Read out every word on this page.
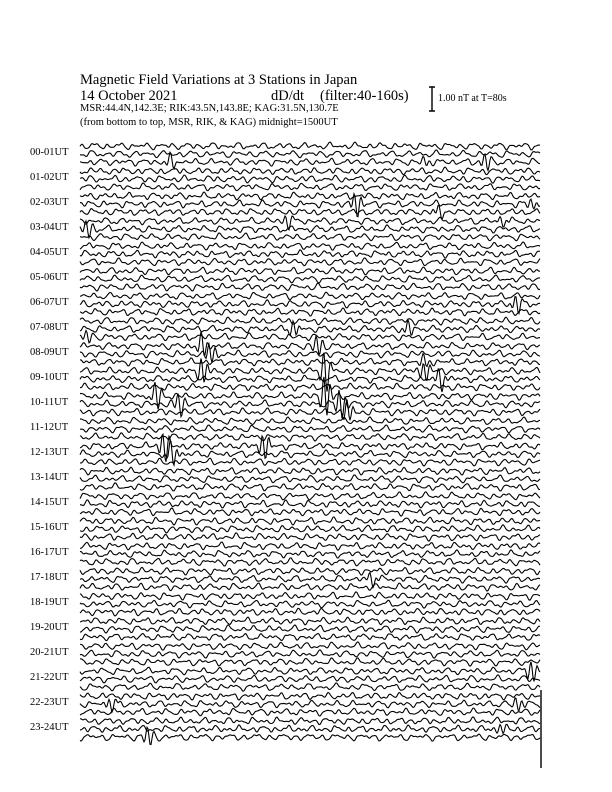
Magnetic Field Variations at 3 Stations in Japan
14 October 2021	dD/dt (filter:40-160s)
MSR:44.4N,142.3E; RIK:43.5N,143.8E; KAG:31.5N,130.7E
(from bottom to top, MSR, RIK, & KAG) midnight=1500UT
1.00 nT at T=80s
00-01UT
01-02UT
02-03UT
03-04UT
04-05UT
05-06UT
06-07UT
07-08UT
08-09UT
09-10UT
10-11UT
11-12UT
12-13UT
13-14UT
14-15UT
15-16UT
16-17UT
17-18UT
18-19UT
19-20UT
20-21UT
21-22UT
22-23UT
23-24UT
